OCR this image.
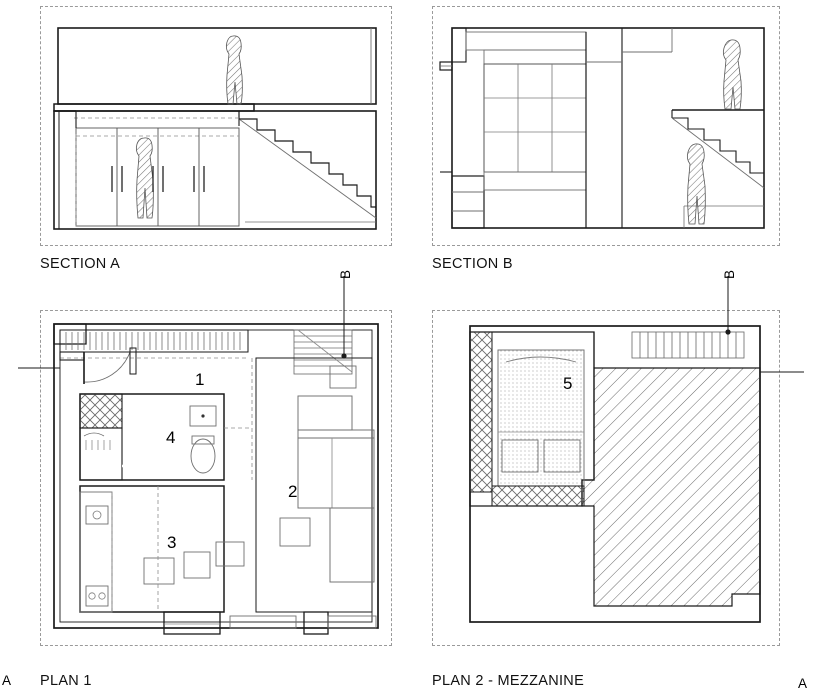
SECTION A	SECTION B
A
B
1
2
3
4
PLAN 1	A
B
5
PLAN 2 - MEZZANINE
